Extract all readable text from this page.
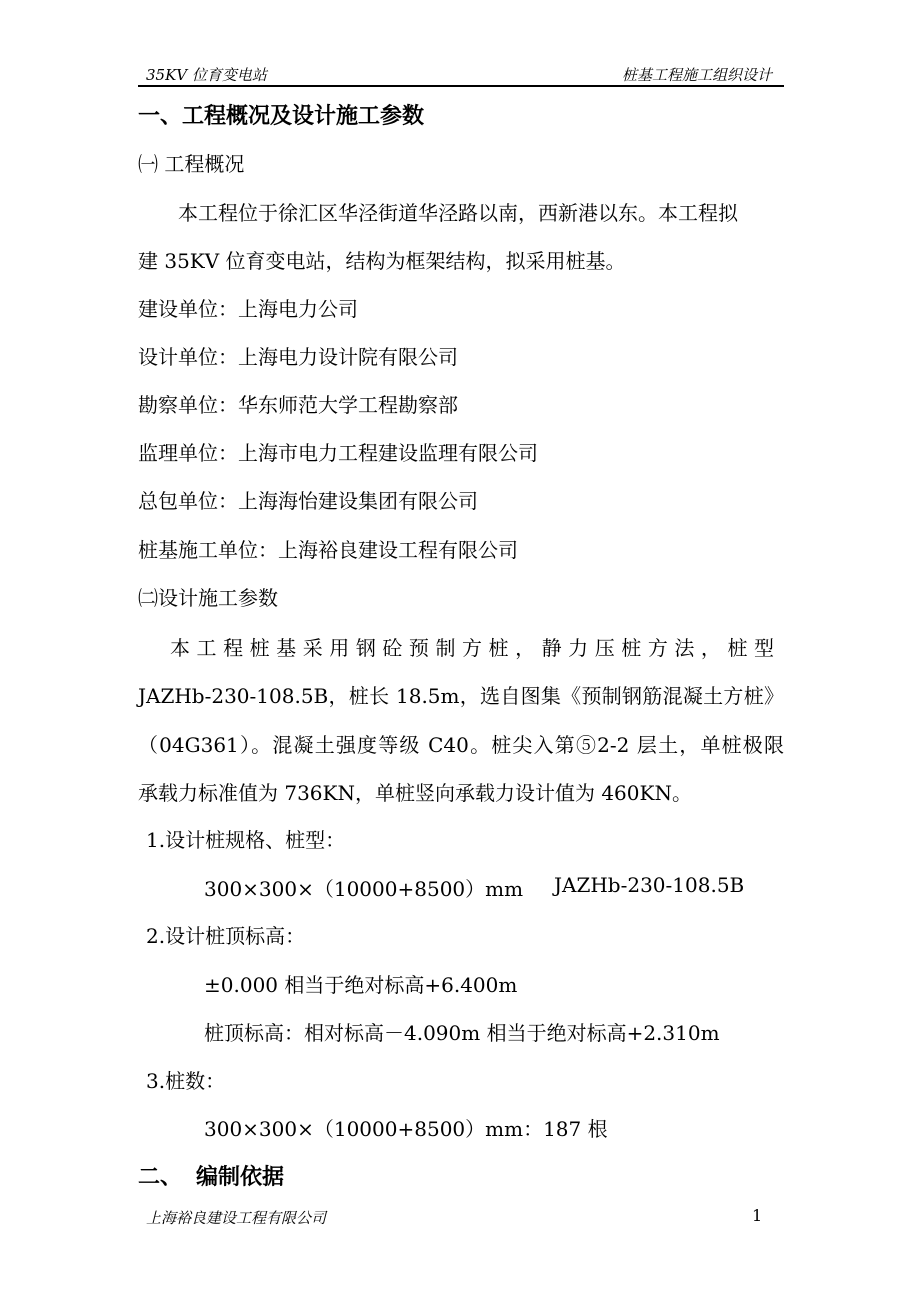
35KV 位育变电站	桩基工程施工组织设计
一、工程概况及设计施工参数
㈠ 工程概况
本工程位于徐汇区华泾街道华泾路以南，西新港以东。本工程拟
建 35KV 位育变电站，结构为框架结构，拟采用桩基。
建设单位：上海电力公司
设计单位：上海电力设计院有限公司
勘察单位：华东师范大学工程勘察部
监理单位：上海市电力工程建设监理有限公司
总包单位：上海海怡建设集团有限公司
桩基施工单位：上海裕良建设工程有限公司
㈡设计施工参数
本工程桩基采用钢砼预制方桩，静力压桩方法，桩型
JAZHb-230-108.5B，桩长 18.5m，选自图集《预制钢筋混凝土方桩》
（04G361）。混凝土强度等级 C40。桩尖入第⑤2-2 层土，单桩极限
承载力标准值为 736KN，单桩竖向承载力设计值为 460KN。
1.设计桩规格、桩型：
300×300×（10000+8500）mm JAZHb-230-108.5B
2.设计桩顶标高：
±0.000 相当于绝对标高+6.400m
桩顶标高：相对标高－4.090m 相当于绝对标高+2.310m
3.桩数：
300×300×（10000+8500）mm：187 根
二、 编制依据
上海裕良建设工程有限公司	1
